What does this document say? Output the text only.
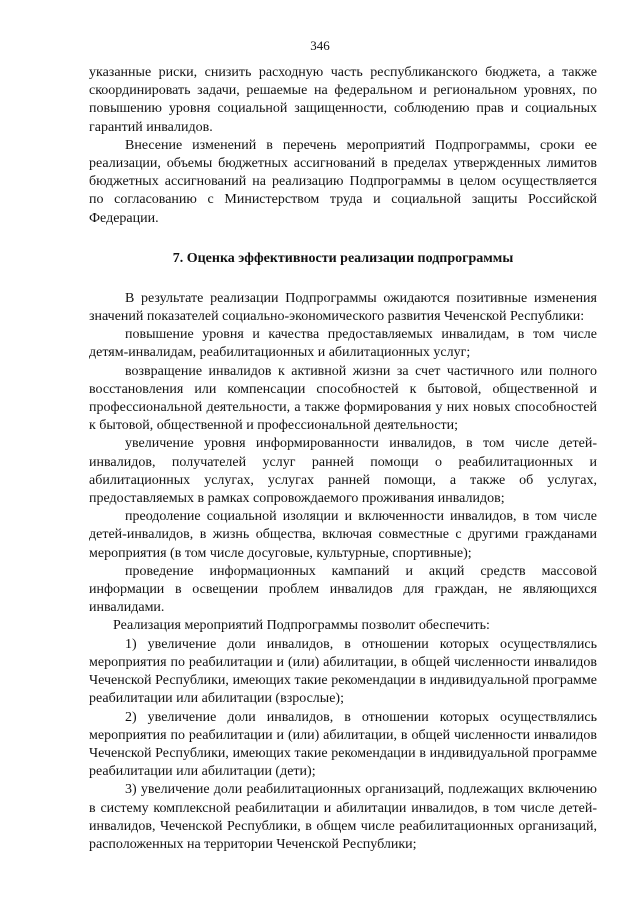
346

указанные риски, снизить расходную часть республиканского бюджета, а также скоординировать задачи, решаемые на федеральном и региональном уровнях, по повышению уровня социальной защищенности, соблюдению прав и социальных гарантий инвалидов.

Внесение изменений в перечень мероприятий Подпрограммы, сроки ее реализации, объемы бюджетных ассигнований в пределах утвержденных лимитов бюджетных ассигнований на реализацию Подпрограммы в целом осуществляется по согласованию с Министерством труда и социальной защиты Российской Федерации.

7. Оценка эффективности реализации подпрограммы

В результате реализации Подпрограммы ожидаются позитивные изменения значений показателей социально-экономического развития Чеченской Республики:

повышение уровня и качества предоставляемых инвалидам, в том числе детям-инвалидам, реабилитационных и абилитационных услуг;

возвращение инвалидов к активной жизни за счет частичного или полного восстановления или компенсации способностей к бытовой, общественной и профессиональной деятельности, а также формирования у них новых способностей к бытовой, общественной и профессиональной деятельности;

увеличение уровня информированности инвалидов, в том числе детей-инвалидов, получателей услуг ранней помощи о реабилитационных и абилитационных услугах, услугах ранней помощи, а также об услугах, предоставляемых в рамках сопровождаемого проживания инвалидов;

преодоление социальной изоляции и включенности инвалидов, в том числе детей-инвалидов, в жизнь общества, включая совместные с другими гражданами мероприятия (в том числе досуговые, культурные, спортивные);

проведение информационных кампаний и акций средств массовой информации в освещении проблем инвалидов для граждан, не являющихся инвалидами.

Реализация мероприятий Подпрограммы позволит обеспечить:

1) увеличение доли инвалидов, в отношении которых осуществлялись мероприятия по реабилитации и (или) абилитации, в общей численности инвалидов Чеченской Республики, имеющих такие рекомендации в индивидуальной программе реабилитации или абилитации (взрослые);

2) увеличение доли инвалидов, в отношении которых осуществлялись мероприятия по реабилитации и (или) абилитации, в общей численности инвалидов Чеченской Республики, имеющих такие рекомендации в индивидуальной программе реабилитации или абилитации (дети);

3) увеличение доли реабилитационных организаций, подлежащих включению в систему комплексной реабилитации и абилитации инвалидов, в том числе детей-инвалидов, Чеченской Республики, в общем числе реабилитационных организаций, расположенных на территории Чеченской Республики;
